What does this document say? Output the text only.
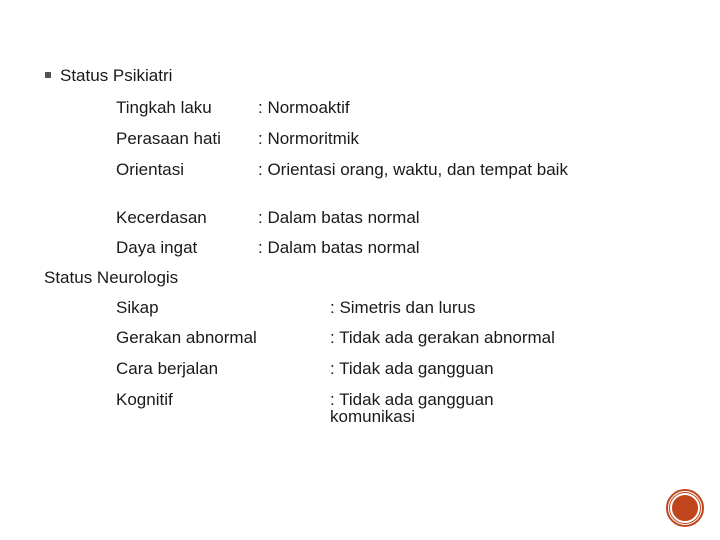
Status Psikiatri
Tingkah laku	: Normoaktif
Perasaan hati : Normoritmik
Orientasi	: Orientasi orang, waktu, dan tempat baik
Kecerdasan	: Dalam batas normal
Daya ingat	: Dalam batas normal
Status Neurologis
Sikap	: Simetris dan lurus
Gerakan abnormal	: Tidak ada gerakan abnormal
Cara berjalan	: Tidak ada gangguan
Kognitif	: Tidak ada gangguan komunikasi
